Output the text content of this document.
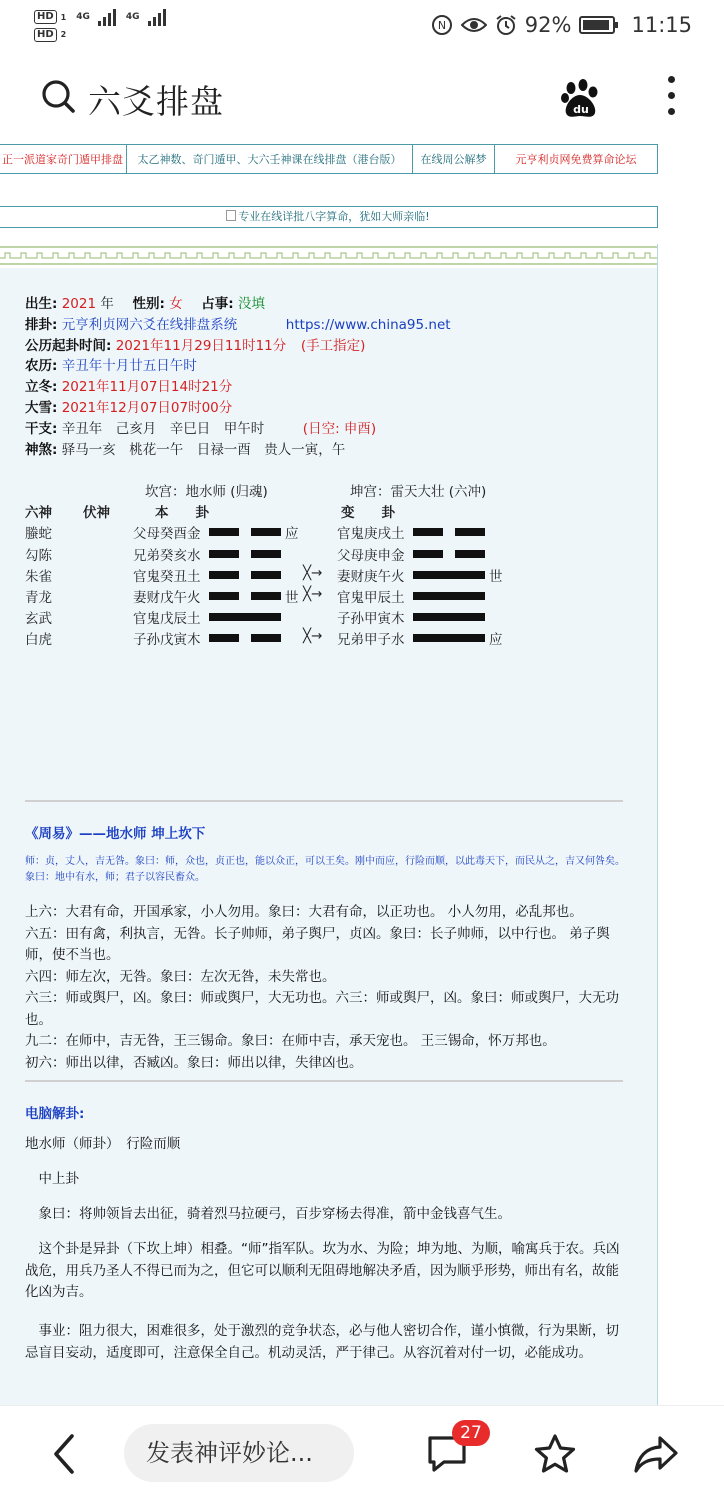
HD 1 4G	4G
HD 2
N	92%	11:15
六爻排盘	du
正一派道家奇门遁甲排盘 太乙神数、奇门遁甲、大六壬神课在线排盘（港台版） 在线周公解梦	元亨利贞网免费算命论坛
专业在线详批八字算命，犹如大师亲临!
出生: 2021 年 性别: 女 占事: 没填
排卦: 元亨利贞网六爻在线排盘系统	https://www.china95.net
公历起卦时间: 2021年11月29日11时11分 (手工指定)
农历: 辛丑年十月廿五日午时
立冬: 2021年11月07日14时21分
大雪: 2021年12月07日07时00分
干支: 辛丑年　己亥月　辛巳日　甲午时	(日空: 申酉)
神煞: 驿马一亥　桃花一午　日禄一酉　贵人一寅，午
坎宫：地水师 (归魂)	坤宫：雷天大壮 (六冲)
六神 伏神	本　　卦	变　　卦
螣蛇	父母癸酉金	应	官鬼庚戌土
勾陈	兄弟癸亥水	父母庚申金
朱雀	官鬼癸丑土	╳→ 妻财庚午火	世
青龙	妻财戊午火	世 ╳→ 官鬼甲辰土
玄武	官鬼戊辰土	子孙甲寅木
白虎	子孙戊寅木	╳→ 兄弟甲子水	应
《周易》——地水师 坤上坎下
师：贞，丈人，吉无咎。象曰：师，众也，贞正也，能以众正，可以王矣。刚中而应，行险而顺，以此毒天下，而民从之，吉又何咎矣。象曰：地中有水，师；君子以容民畜众。
上六：大君有命，开国承家，小人勿用。象曰：大君有命，以正功也。 小人勿用，必乱邦也。
六五：田有禽，利执言，无咎。长子帅师，弟子舆尸，贞凶。象曰：长子帅师，以中行也。 弟子舆师，使不当也。
六四：师左次，无咎。象曰：左次无咎，未失常也。
六三：师或舆尸，凶。象曰：师或舆尸，大无功也。六三：师或舆尸，凶。象曰：师或舆尸，大无功也。
九二：在师中，吉无咎，王三锡命。象曰：在师中吉，承天宠也。 王三锡命，怀万邦也。
初六：师出以律，否臧凶。象曰：师出以律，失律凶也。
电脑解卦:
地水师（师卦）　行险而顺
　中上卦
　象曰：将帅领旨去出征，骑着烈马拉硬弓，百步穿杨去得准，箭中金钱喜气生。
　这个卦是异卦（下坎上坤）相叠。“师”指军队。坎为水、为险；坤为地、为顺，喻寓兵于农。兵凶战危，用兵乃圣人不得已而为之，但它可以顺利无阻碍地解决矛盾，因为顺乎形势，师出有名，故能化凶为吉。
　事业：阻力很大，困难很多，处于激烈的竞争状态，必与他人密切合作，谨小慎微，行为果断，切忌盲目妄动，适度即可，注意保全自己。机动灵活，严于律己。从容沉着对付一切，必能成功。
发表神评妙论...
27
